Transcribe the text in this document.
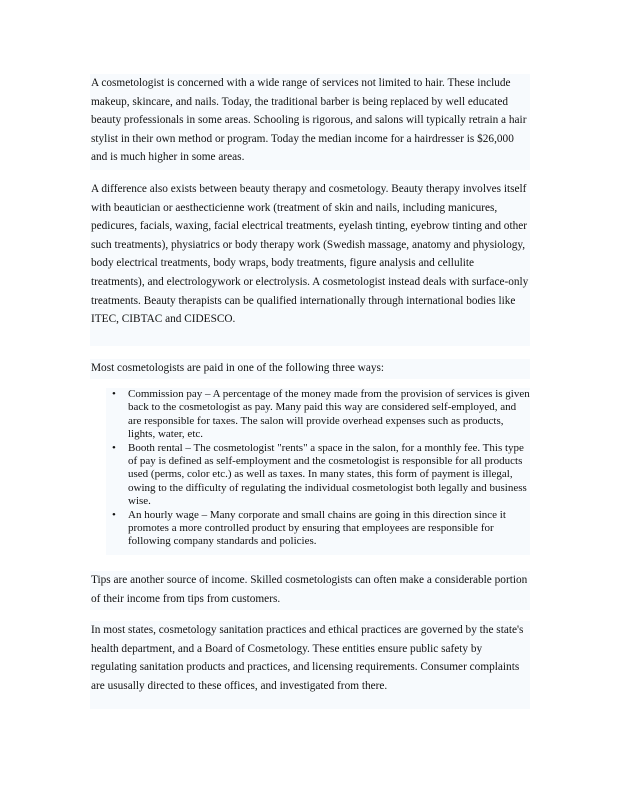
A cosmetologist is concerned with a wide range of services not limited to hair. These include makeup, skincare, and nails. Today, the traditional barber is being replaced by well educated beauty professionals in some areas. Schooling is rigorous, and salons will typically retrain a hair stylist in their own method or program. Today the median income for a hairdresser is $26,000 and is much higher in some areas.

A difference also exists between beauty therapy and cosmetology. Beauty therapy involves itself with beautician or aesthecticienne work (treatment of skin and nails, including manicures, pedicures, facials, waxing, facial electrical treatments, eyelash tinting, eyebrow tinting and other such treatments), physiatrics or body therapy work (Swedish massage, anatomy and physiology, body electrical treatments, body wraps, body treatments, figure analysis and cellulite treatments), and electrologywork or electrolysis. A cosmetologist instead deals with surface-only treatments. Beauty therapists can be qualified internationally through international bodies like ITEC, CIBTAC and CIDESCO.

Most cosmetologists are paid in one of the following three ways:

• Commission pay – A percentage of the money made from the provision of services is given back to the cosmetologist as pay. Many paid this way are considered self-employed, and are responsible for taxes. The salon will provide overhead expenses such as products, lights, water, etc.
• Booth rental – The cosmetologist "rents" a space in the salon, for a monthly fee. This type of pay is defined as self-employment and the cosmetologist is responsible for all products used (perms, color etc.) as well as taxes. In many states, this form of payment is illegal, owing to the difficulty of regulating the individual cosmetologist both legally and business wise.
• An hourly wage – Many corporate and small chains are going in this direction since it promotes a more controlled product by ensuring that employees are responsible for following company standards and policies.

Tips are another source of income. Skilled cosmetologists can often make a considerable portion of their income from tips from customers.

In most states, cosmetology sanitation practices and ethical practices are governed by the state's health department, and a Board of Cosmetology. These entities ensure public safety by regulating sanitation products and practices, and licensing requirements. Consumer complaints are ususally directed to these offices, and investigated from there.
